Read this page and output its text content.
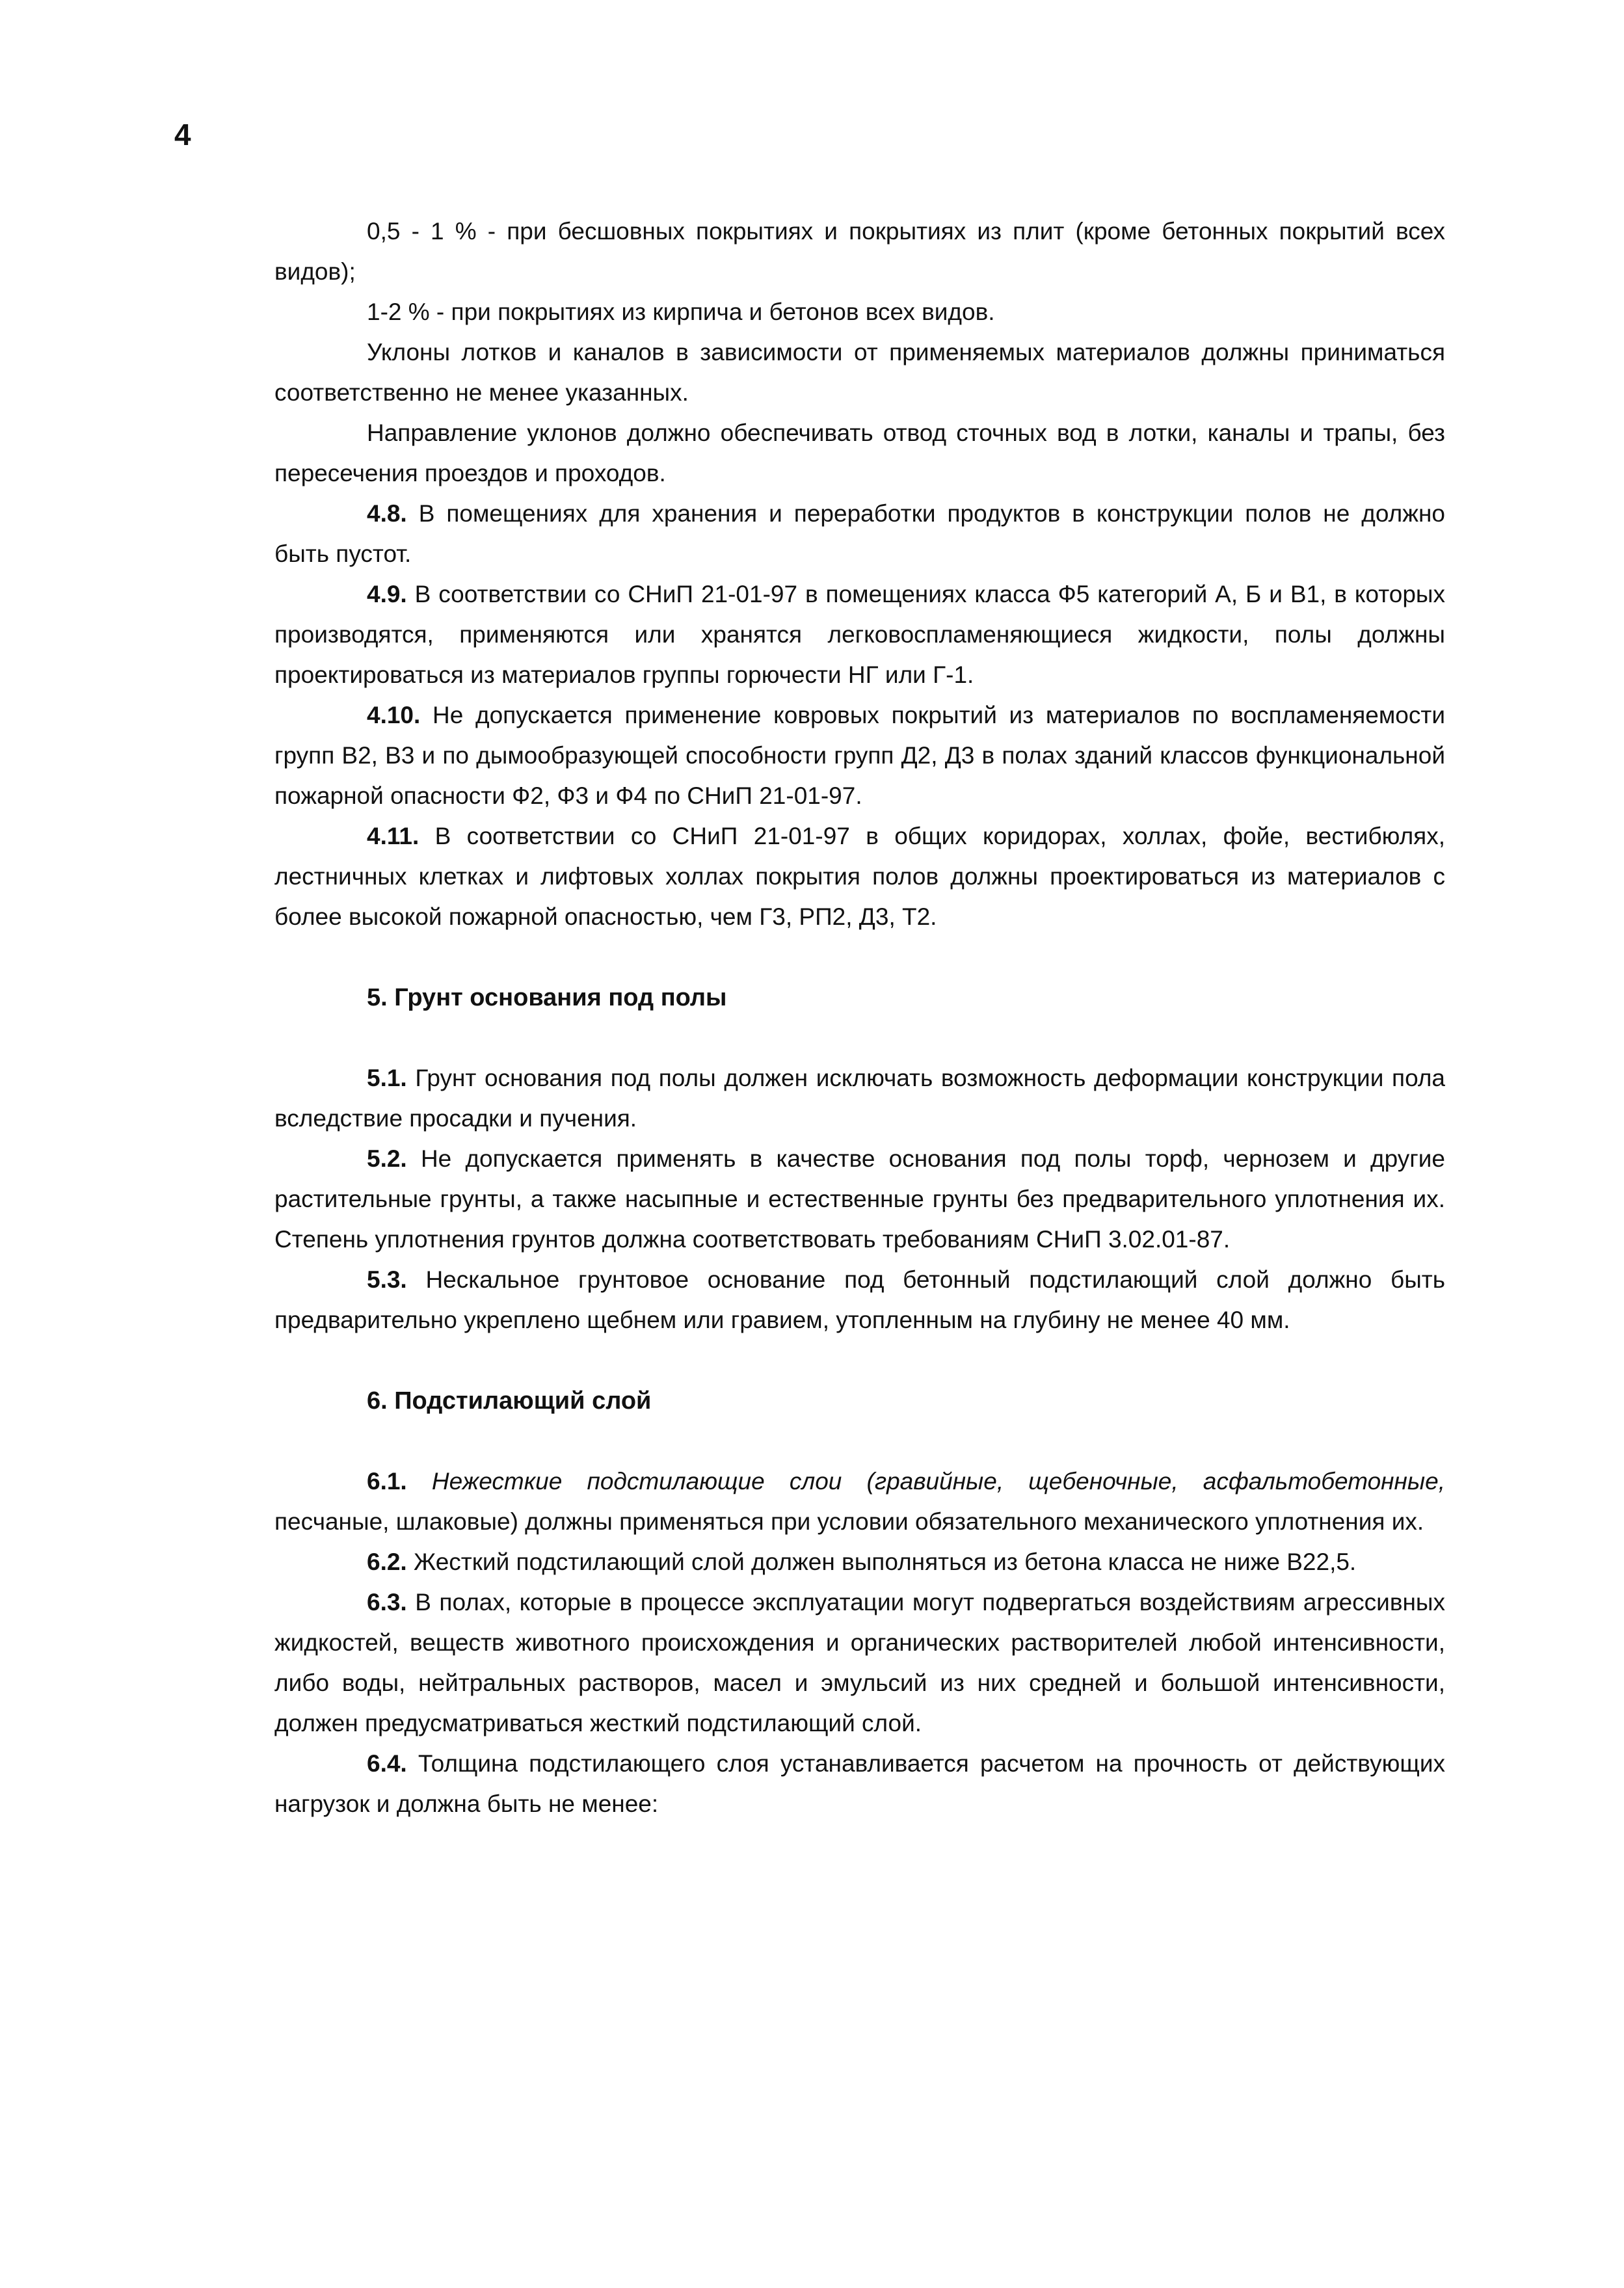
4

0,5 - 1 % - при бесшовных покрытиях и покрытиях из плит (кроме бетонных покрытий всех видов);

1-2 % - при покрытиях из кирпича и бетонов всех видов.

Уклоны лотков и каналов в зависимости от применяемых материалов должны приниматься соответственно не менее указанных.

Направление уклонов должно обеспечивать отвод сточных вод в лотки, каналы и трапы, без пересечения проездов и проходов.

4.8. В помещениях для хранения и переработки продуктов в конструкции полов не должно быть пустот.

4.9. В соответствии со СНиП 21-01-97 в помещениях класса Ф5 категорий А, Б и В1, в которых производятся, применяются или хранятся легковоспламеняющиеся жидкости, полы должны проектироваться из материалов группы горючести НГ или Г-1.

4.10. Не допускается применение ковровых покрытий из материалов по воспламеняемости групп В2, В3 и по дымообразующей способности групп Д2, Д3 в полах зданий классов функциональной пожарной опасности Ф2, Ф3 и Ф4 по СНиП 21-01-97.

4.11. В соответствии со СНиП 21-01-97 в общих коридорах, холлах, фойе, вестибюлях, лестничных клетках и лифтовых холлах покрытия полов должны проектироваться из материалов с более высокой пожарной опасностью, чем Г3, РП2, Д3, Т2.

5. Грунт основания под полы

5.1. Грунт основания под полы должен исключать возможность деформации конструкции пола вследствие просадки и пучения.

5.2. Не допускается применять в качестве основания под полы торф, чернозем и другие растительные грунты, а также насыпные и естественные грунты без предварительного уплотнения их. Степень уплотнения грунтов должна соответствовать требованиям СНиП 3.02.01-87.

5.3. Нескальное грунтовое основание под бетонный подстилающий слой должно быть предварительно укреплено щебнем или гравием, утопленным на глубину не менее 40 мм.

6. Подстилающий слой

6.1. Нежесткие подстилающие слои (гравийные, щебеночные, асфальтобетонные, песчаные, шлаковые) должны применяться при условии обязательного механического уплотнения их.

6.2. Жесткий подстилающий слой должен выполняться из бетона класса не ниже В22,5.

6.3. В полах, которые в процессе эксплуатации могут подвергаться воздействиям агрессивных жидкостей, веществ животного происхождения и органических растворителей любой интенсивности, либо воды, нейтральных растворов, масел и эмульсий из них средней и большой интенсивности, должен предусматриваться жесткий подстилающий слой.

6.4. Толщина подстилающего слоя устанавливается расчетом на прочность от действующих нагрузок и должна быть не менее:
